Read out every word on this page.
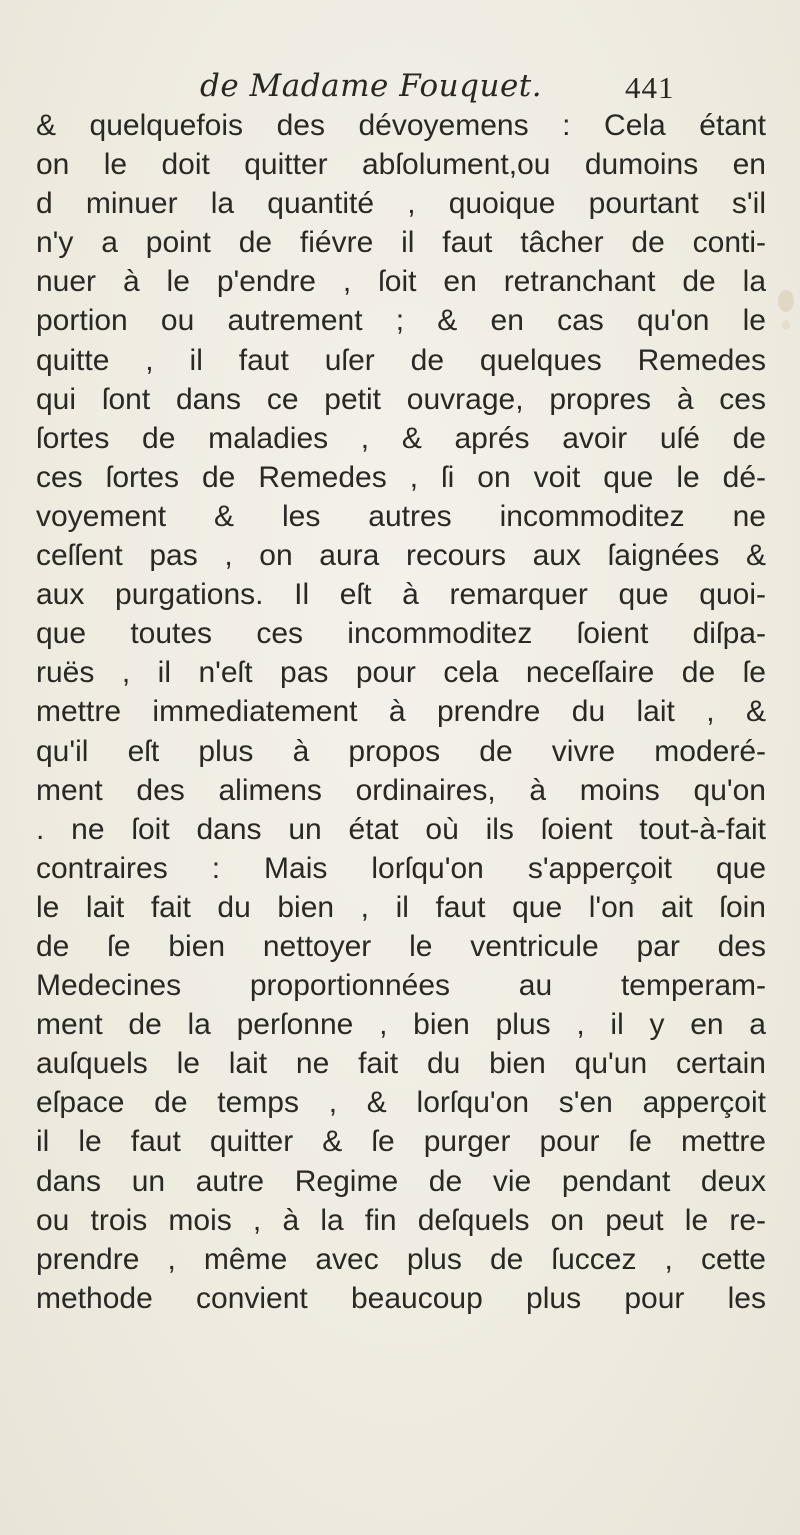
de Madame Fouquet.	441
& quelquefois des dévoyemens : Cela étant
on le doit quitter abſolument,ou dumoins en
d minuer la quantité , quoique pourtant s'il
n'y a point de fiévre il faut tâcher de conti-
nuer à le p'endre , ſoit en retranchant de la
portion ou autrement ; & en cas qu'on le
quitte , il faut uſer de quelques Remedes
qui ſont dans ce petit ouvrage, propres à ces
ſortes de maladies , & aprés avoir uſé de
ces ſortes de Remedes , ſi on voit que le dé-
voyement & les autres incommoditez ne
ceſſent pas , on aura recours aux ſaignées &
aux purgations. Il eſt à remarquer que quoi-
que toutes ces incommoditez ſoient diſpa-
ruës , il n'eſt pas pour cela neceſſaire de ſe
mettre immediatement à prendre du lait , &
qu'il eſt plus à propos de vivre moderé-
ment des alimens ordinaires, à moins qu'on
. ne ſoit dans un état où ils ſoient tout-à-fait
contraires : Mais lorſqu'on s'apperçoit que
le lait fait du bien , il faut que l'on ait ſoin
de ſe bien nettoyer le ventricule par des
Medecines proportionnées au temperam-
ment de la perſonne , bien plus , il y en a
auſquels le lait ne fait du bien qu'un certain
eſpace de temps , & lorſqu'on s'en apperçoit
il le faut quitter & ſe purger pour ſe mettre
dans un autre Regime de vie pendant deux
ou trois mois , à la fin deſquels on peut le re-
prendre , même avec plus de ſuccez , cette
methode convient beaucoup plus pour les
